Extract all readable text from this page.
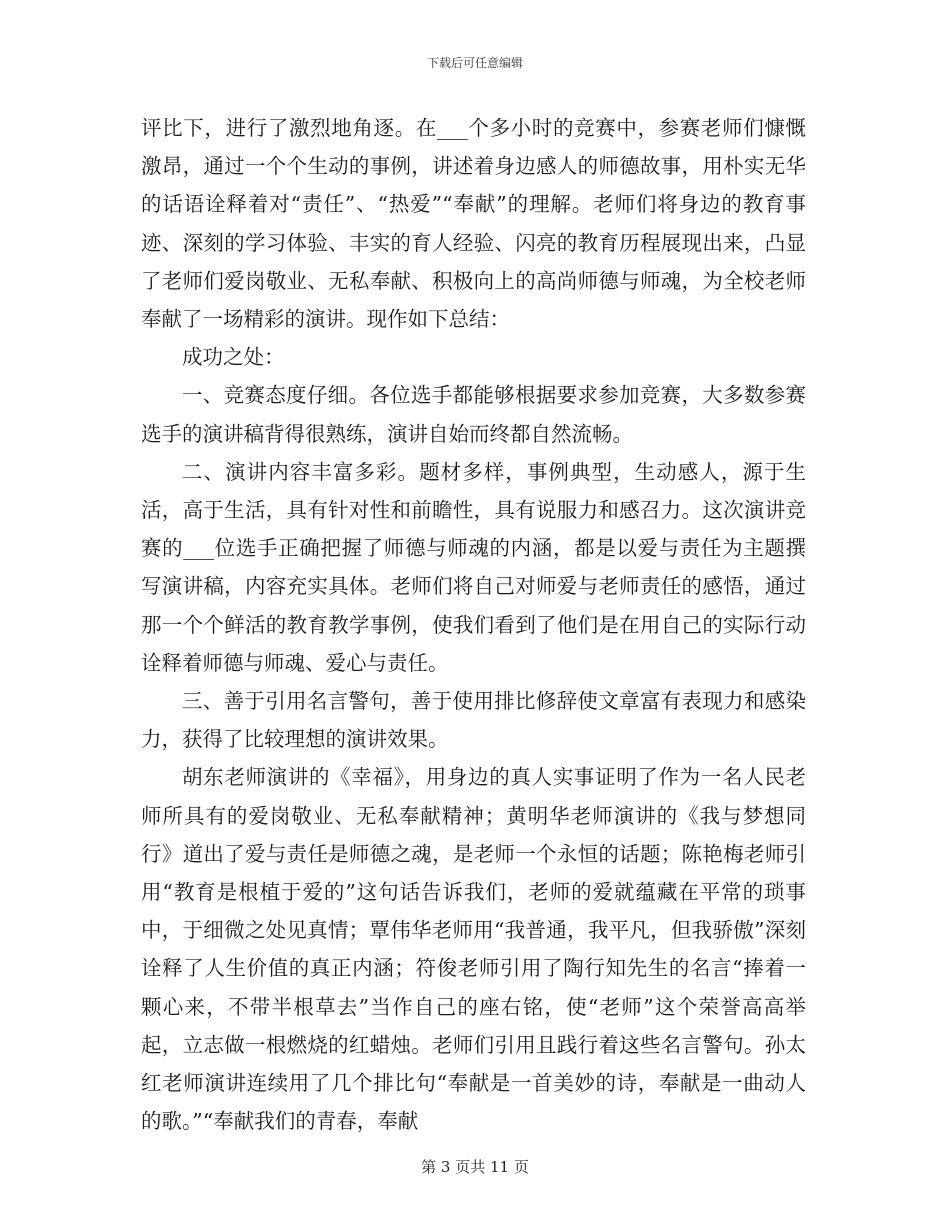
下载后可任意编辑

评比下，进行了激烈地角逐。在___个多小时的竞赛中，参赛老师们慷慨激昂，通过一个个生动的事例，讲述着身边感人的师德故事，用朴实无华的话语诠释着对“责任”、“热爱”“奉献”的理解。老师们将身边的教育事迹、深刻的学习体验、丰实的育人经验、闪亮的教育历程展现出来，凸显了老师们爱岗敬业、无私奉献、积极向上的高尚师德与师魂，为全校老师奉献了一场精彩的演讲。现作如下总结：

成功之处：

一、竞赛态度仔细。各位选手都能够根据要求参加竞赛，大多数参赛选手的演讲稿背得很熟练，演讲自始而终都自然流畅。

二、演讲内容丰富多彩。题材多样，事例典型，生动感人，源于生活，高于生活，具有针对性和前瞻性，具有说服力和感召力。这次演讲竞赛的___位选手正确把握了师德与师魂的内涵，都是以爱与责任为主题撰写演讲稿，内容充实具体。老师们将自己对师爱与老师责任的感悟，通过那一个个鲜活的教育教学事例，使我们看到了他们是在用自己的实际行动诠释着师德与师魂、爱心与责任。

三、善于引用名言警句，善于使用排比修辞使文章富有表现力和感染力，获得了比较理想的演讲效果。

胡东老师演讲的《幸福》，用身边的真人实事证明了作为一名人民老师所具有的爱岗敬业、无私奉献精神；黄明华老师演讲的《我与梦想同行》道出了爱与责任是师德之魂，是老师一个永恒的话题；陈艳梅老师引用“教育是根植于爱的”这句话告诉我们，老师的爱就蕴藏在平常的琐事中，于细微之处见真情；覃伟华老师用“我普通，我平凡，但我骄傲”深刻诠释了人生价值的真正内涵；符俊老师引用了陶行知先生的名言“捧着一颗心来，不带半根草去”当作自己的座右铭，使“老师”这个荣誉高高举起，立志做一根燃烧的红蜡烛。老师们引用且践行着这些名言警句。孙太红老师演讲连续用了几个排比句“奉献是一首美妙的诗，奉献是一曲动人的歌。”“奉献我们的青春，奉献

第 3 页共 11 页
